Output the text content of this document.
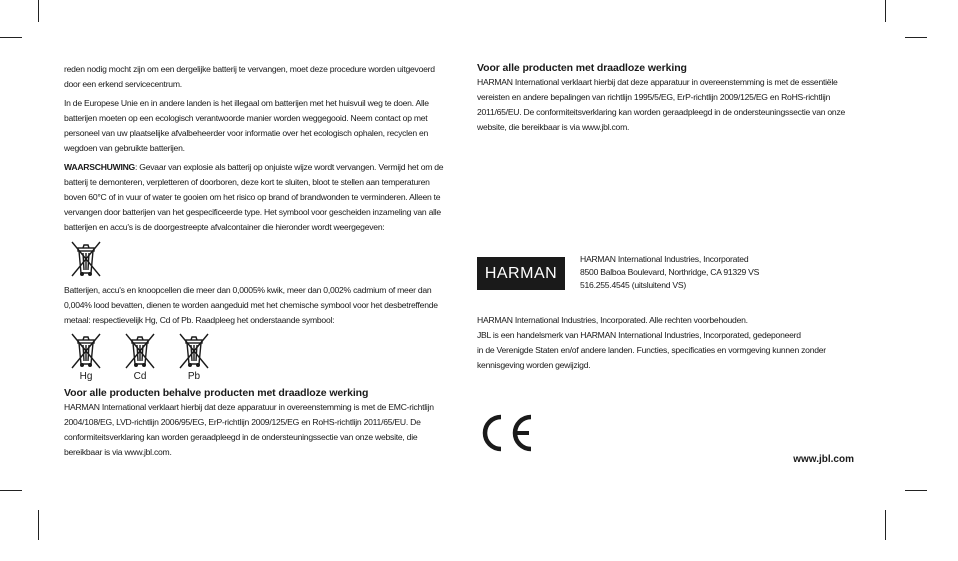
reden nodig mocht zijn om een dergelijke batterij te vervangen, moet deze procedure worden uitgevoerd door een erkend servicecentrum.

In de Europese Unie en in andere landen is het illegaal om batterijen met het huisvuil weg te doen. Alle batterijen moeten op een ecologisch verantwoorde manier worden weggegooid. Neem contact op met personeel van uw plaatselijke afvalbeheerder voor informatie over het ecologisch ophalen, recyclen en wegdoen van gebruikte batterijen.

WAARSCHUWING: Gevaar van explosie als batterij op onjuiste wijze wordt vervangen. Vermijd het om de batterij te demonteren, verpletteren of doorboren, deze kort te sluiten, bloot te stellen aan temperaturen boven 60°C of in vuur of water te gooien om het risico op brand of brandwonden te verminderen. Alleen te vervangen door batterijen van het gespecificeerde type. Het symbool voor gescheiden inzameling van alle batterijen en accu's is de doorgestreepte afvalcontainer die hieronder wordt weergegeven:

Batterijen, accu's en knoopcellen die meer dan 0,0005% kwik, meer dan 0,002% cadmium of meer dan 0,004% lood bevatten, dienen te worden aangeduid met het chemische symbool voor het desbetreffende metaal: respectievelijk Hg, Cd of Pb. Raadpleeg het onderstaande symbool:

Hg	Cd	Pb
Voor alle producten behalve producten met draadloze werking

HARMAN International verklaart hierbij dat deze apparatuur in overeenstemming is met de EMC-richtlijn 2004/108/EG, LVD-richtlijn 2006/95/EG, ErP-richtlijn 2009/125/EG en RoHS-richtlijn 2011/65/EU. De conformiteitsverklaring kan worden geraadpleegd in de ondersteuningssectie van onze website, die bereikbaar is via www.jbl.com.

Voor alle producten met draadloze werking

HARMAN International verklaart hierbij dat deze apparatuur in overeenstemming is met de essentiële vereisten en andere bepalingen van richtlijn 1995/5/EG, ErP-richtlijn 2009/125/EG en RoHS-richtlijn 2011/65/EU. De conformiteitsverklaring kan worden geraadpleegd in de ondersteuningssectie van onze website, die bereikbaar is via www.jbl.com.

HARMAN
HARMAN International Industries, Incorporated
8500 Balboa Boulevard, Northridge, CA 91329 VS
516.255.4545 (uitsluitend VS)

HARMAN International Industries, Incorporated. Alle rechten voorbehouden.

JBL is een handelsmerk van HARMAN International Industries, Incorporated, gedeponeerd

in de Verenigde Staten en/of andere landen. Functies, specificaties en vormgeving kunnen zonder

kennisgeving worden gewijzigd.

www.jbl.com
